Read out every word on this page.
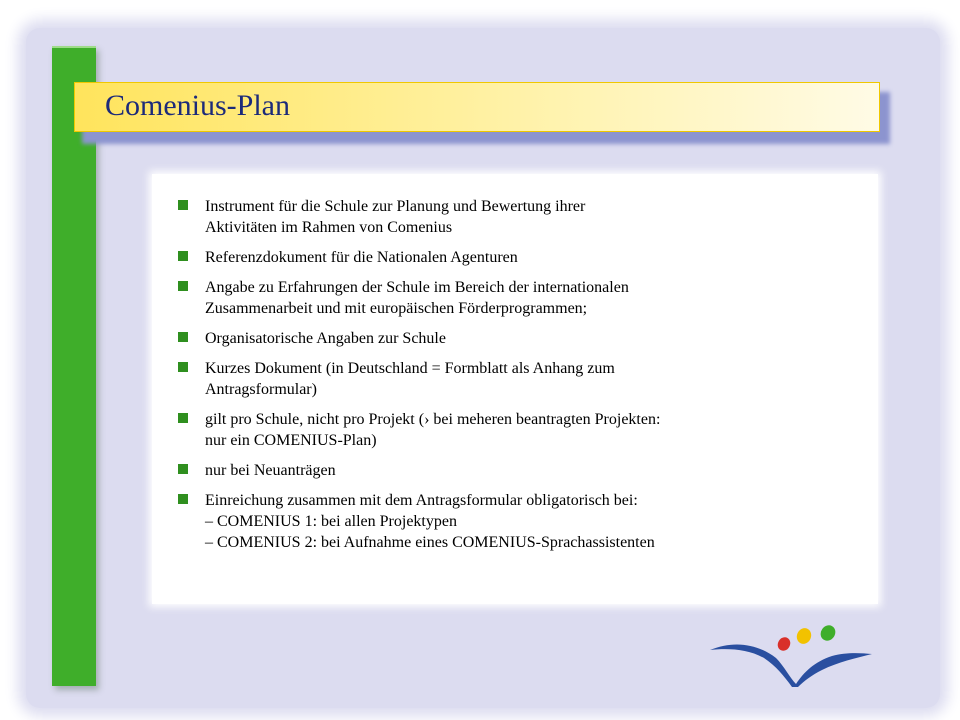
Comenius-Plan
Instrument für die Schule zur Planung und Bewertung ihrer
Aktivitäten im Rahmen von Comenius
Referenzdokument für die Nationalen Agenturen
Angabe zu Erfahrungen der Schule im Bereich der internationalen
Zusammenarbeit und mit europäischen Förderprogrammen;
Organisatorische Angaben zur Schule
Kurzes Dokument (in Deutschland = Formblatt als Anhang zum
Antragsformular)
gilt pro Schule, nicht pro Projekt (› bei meheren beantragten Projekten:
nur ein COMENIUS-Plan)
nur bei Neuanträgen
Einreichung zusammen mit dem Antragsformular obligatorisch bei:
– COMENIUS 1: bei allen Projektypen
– COMENIUS 2: bei Aufnahme eines COMENIUS-Sprachassistenten
